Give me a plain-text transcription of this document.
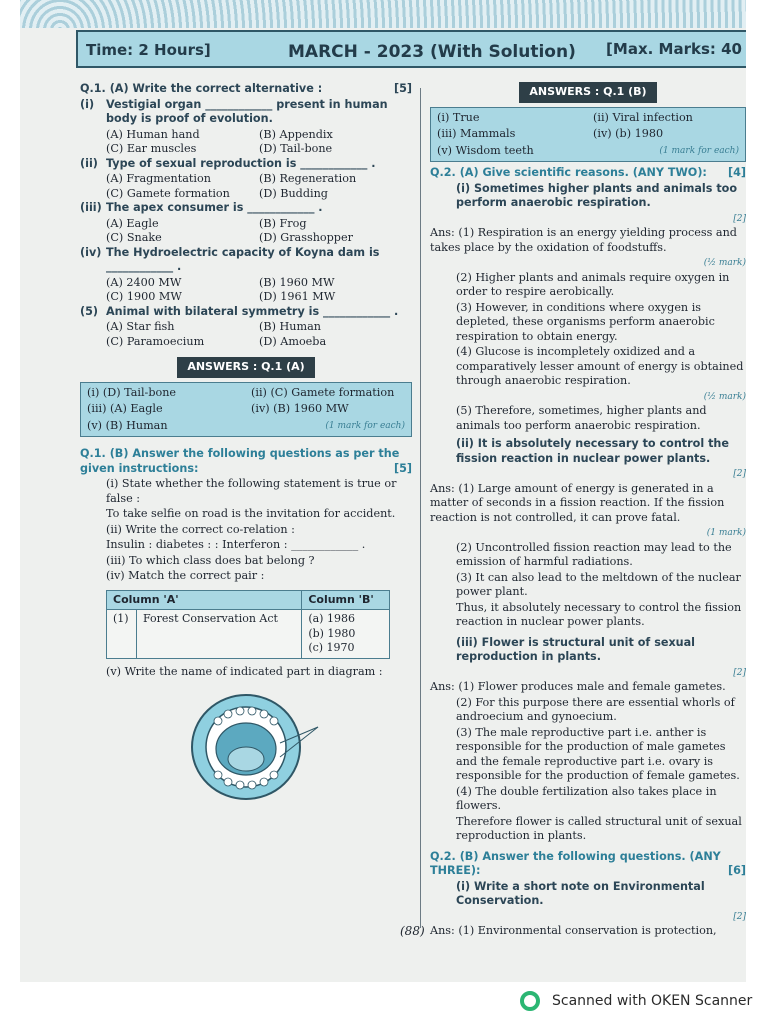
Time: 2 Hours]	MARCH - 2023 (With Solution) [Max. Marks: 40
Q.1. (A) Write the correct alternative :	[5]
(i)	Vestigial organ ____________ present in human body is proof of evolution.
(A) Human hand	(B) Appendix
(C) Ear muscles	(D) Tail-bone
(ii) Type of sexual reproduction is ____________ .
(A) Fragmentation	(B) Regeneration
(C) Gamete formation	(D) Budding
(iii) The apex consumer is ____________ .
(A) Eagle	(B) Frog
(C) Snake	(D) Grasshopper
(iv) The Hydroelectric capacity of Koyna dam is ____________ .
(A) 2400 MW	(B) 1960 MW
(C) 1900 MW	(D) 1961 MW
(5) Animal with bilateral symmetry is ____________ .
(A) Star fish	(B) Human
(C) Paramoecium	(D) Amoeba
ANSWERS : Q.1 (A)
(i) (D) Tail-bone	(ii) (C) Gamete formation
(iii) (A) Eagle	(iv) (B) 1960 MW
(v) (B) Human	(1 mark for each)
Q.1. (B) Answer the following questions as per the given instructions:	[5]
(i) State whether the following statement is true or false :
To take selfie on road is the invitation for accident.
(ii) Write the correct co-relation :
Insulin : diabetes : : Interferon : ____________ .
(iii) To which class does bat belong ?
(iv) Match the correct pair :
Column 'A'		Column 'B'
(1)	Forest Conservation Act	(a) 1986
(b) 1980
(c) 1970
(v) Write the name of indicated part in diagram :
ANSWERS : Q.1 (B)
(i) True	(ii) Viral infection
(iii) Mammals	(iv) (b) 1980
(v) Wisdom teeth	(1 mark for each)
Q.2. (A) Give scientific reasons. (ANY TWO): [4]
(i) Sometimes higher plants and animals too perform anaerobic respiration.
[2]
Ans: (1) Respiration is an energy yielding process and takes place by the oxidation of foodstuffs.
(½ mark)
(2) Higher plants and animals require oxygen in order to respire aerobically.
(3) However, in conditions where oxygen is depleted, these organisms perform anaerobic respiration to obtain energy.
(4) Glucose is incompletely oxidized and a comparatively lesser amount of energy is obtained through anaerobic respiration.
(½ mark)
(5) Therefore, sometimes, higher plants and animals too perform anaerobic respiration.
(ii) It is absolutely necessary to control the fission reaction in nuclear power plants.
[2]
Ans: (1) Large amount of energy is generated in a matter of seconds in a fission reaction. If the fission reaction is not controlled, it can prove fatal.
(1 mark)
(2) Uncontrolled fission reaction may lead to the emission of harmful radiations.
(3) It can also lead to the meltdown of the nuclear power plant.
Thus, it absolutely necessary to control the fission reaction in nuclear power plants.
(iii) Flower is structural unit of sexual reproduction in plants.
[2]
Ans: (1) Flower produces male and female gametes.
(2) For this purpose there are essential whorls of androecium and gynoecium.
(3) The male reproductive part i.e. anther is responsible for the production of male gametes and the female reproductive part i.e. ovary is responsible for the production of female gametes.
(4) The double fertilization also takes place in flowers.
Therefore flower is called structural unit of sexual reproduction in plants.
Q.2. (B) Answer the following questions. (ANY THREE):	[6]
(i) Write a short note on Environmental Conservation.
[2]
Ans: (1) Environmental conservation is protection,
(88)
Scanned with OKEN Scanner
